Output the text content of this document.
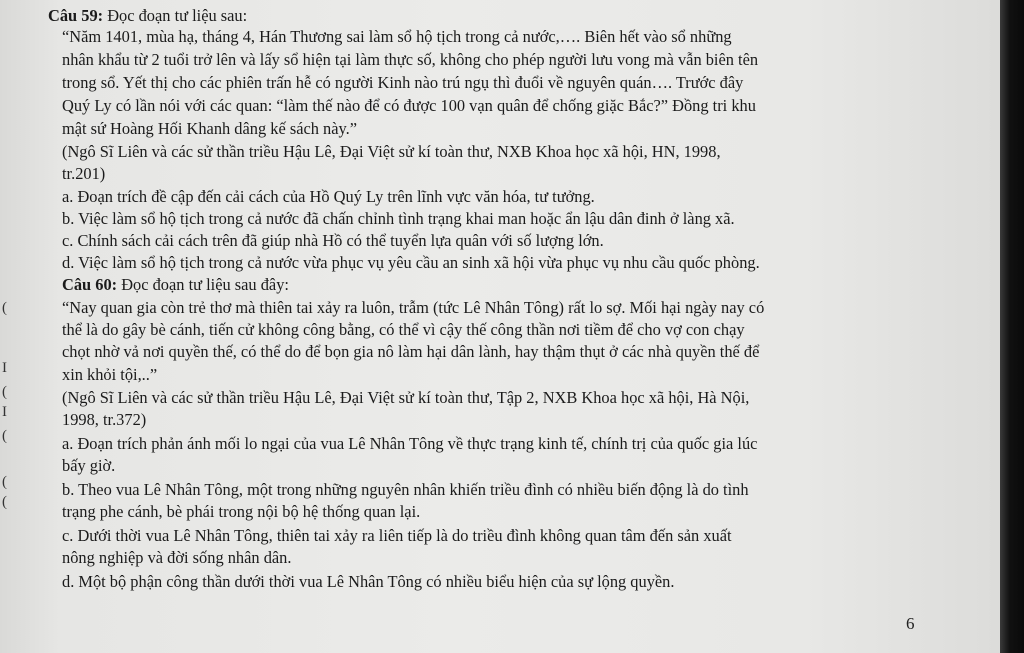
Câu 59: Đọc đoạn tư liệu sau:
“Năm 1401, mùa hạ, tháng 4, Hán Thương sai làm sổ hộ tịch trong cả nước,…. Biên hết vào sổ những
nhân khẩu từ 2 tuổi trở lên và lấy sổ hiện tại làm thực số, không cho phép người lưu vong mà vẫn biên tên
trong sổ. Yết thị cho các phiên trấn hễ có người Kinh nào trú ngụ thì đuổi về nguyên quán…. Trước đây
Quý Ly có lần nói với các quan: “làm thế nào để có được 100 vạn quân để chống giặc Bắc?” Đồng tri khu
mật sứ Hoàng Hối Khanh dâng kế sách này.”
(Ngô Sĩ Liên và các sử thần triều Hậu Lê, Đại Việt sử kí toàn thư, NXB Khoa học xã hội, HN, 1998,
tr.201)
a. Đoạn trích đề cập đến cải cách của Hồ Quý Ly trên lĩnh vực văn hóa, tư tưởng.
b. Việc làm sổ hộ tịch trong cả nước đã chấn chỉnh tình trạng khai man hoặc ẩn lậu dân đinh ở làng xã.
c. Chính sách cải cách trên đã giúp nhà Hồ có thể tuyển lựa quân với số lượng lớn.
d. Việc làm sổ hộ tịch trong cả nước vừa phục vụ yêu cầu an sinh xã hội vừa phục vụ nhu cầu quốc phòng.
Câu 60: Đọc đoạn tư liệu sau đây:
“Nay quan gia còn trẻ thơ mà thiên tai xảy ra luôn, trẫm (tức Lê Nhân Tông) rất lo sợ. Mối hại ngày nay có
thể là do gây bè cánh, tiến cử không công bằng, có thể vì cậy thế công thần nơi tiềm để cho vợ con chạy
chọt nhờ vả nơi quyền thế, có thể do để bọn gia nô làm hại dân lành, hay thậm thụt ở các nhà quyền thế để
xin khỏi tội,..”
(Ngô Sĩ Liên và các sử thần triều Hậu Lê, Đại Việt sử kí toàn thư, Tập 2, NXB Khoa học xã hội, Hà Nội,
1998, tr.372)
a. Đoạn trích phản ánh mối lo ngại của vua Lê Nhân Tông về thực trạng kinh tế, chính trị của quốc gia lúc
bấy giờ.
b. Theo vua Lê Nhân Tông, một trong những nguyên nhân khiến triều đình có nhiều biến động là do tình
trạng phe cánh, bè phái trong nội bộ hệ thống quan lại.
c. Dưới thời vua Lê Nhân Tông, thiên tai xảy ra liên tiếp là do triều đình không quan tâm đến sản xuất
nông nghiệp và đời sống nhân dân.
d. Một bộ phận công thần dưới thời vua Lê Nhân Tông có nhiều biểu hiện của sự lộng quyền.
(
I
(
I
(
(
(
6
